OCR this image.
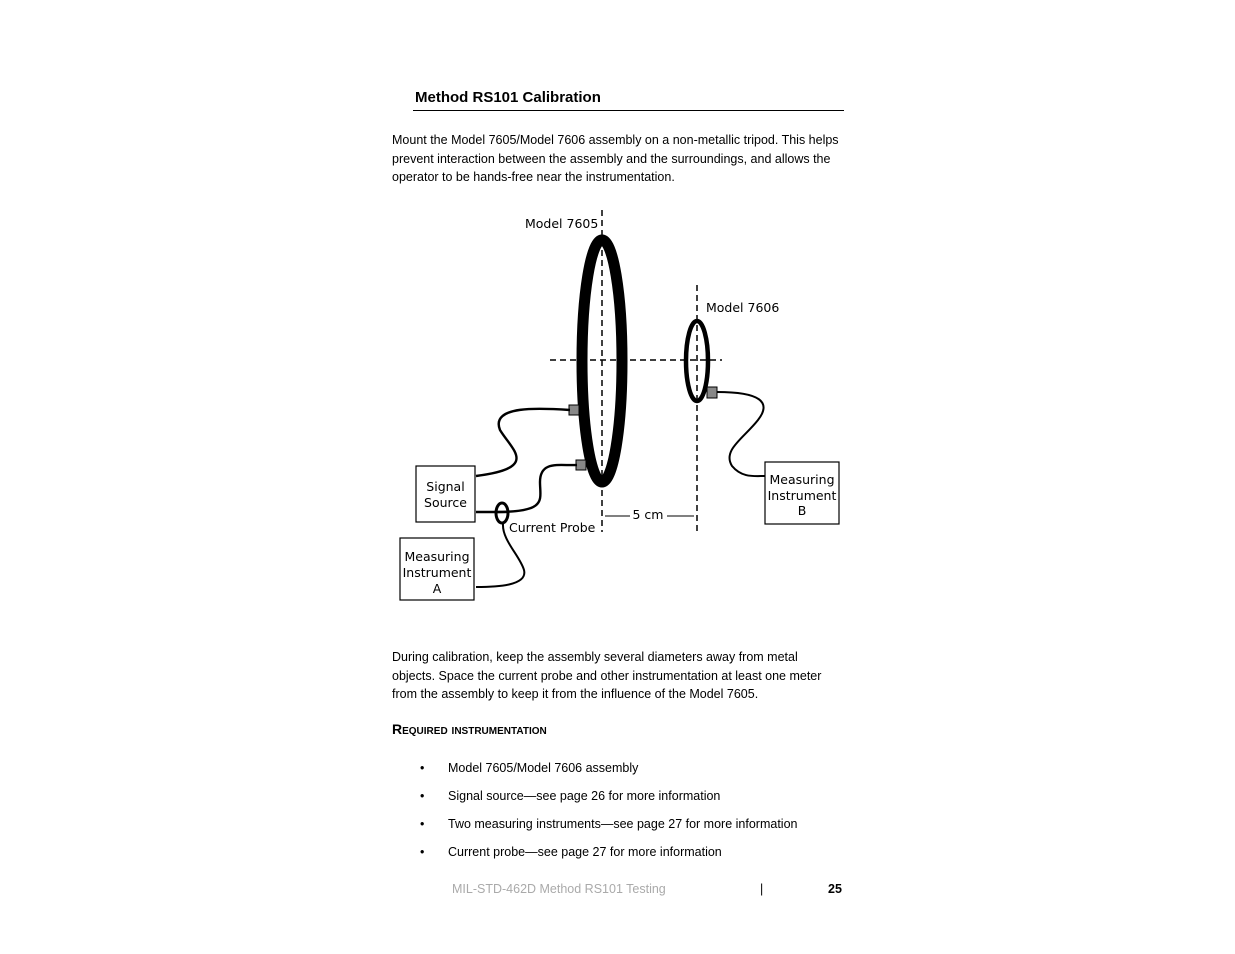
Method RS101 Calibration
Mount the Model 7605/Model 7606 assembly on a non-metallic tripod. This helps
prevent interaction between the assembly and the surroundings, and allows the
operator to be hands-free near the instrumentation.
Model 7605
Model 7606
Signal
Source
Current Probe
5 cm
Measuring
Instrument
A
Measuring
Instrument
B
During calibration, keep the assembly several diameters away from metal
objects. Space the current probe and other instrumentation at least one meter
from the assembly to keep it from the influence of the Model 7605.
Required instrumentation
• Model 7605/Model 7606 assembly
• Signal source—see page 26 for more information
• Two measuring instruments—see page 27 for more information
• Current probe—see page 27 for more information
MIL-STD-462D Method RS101 Testing	|	25
